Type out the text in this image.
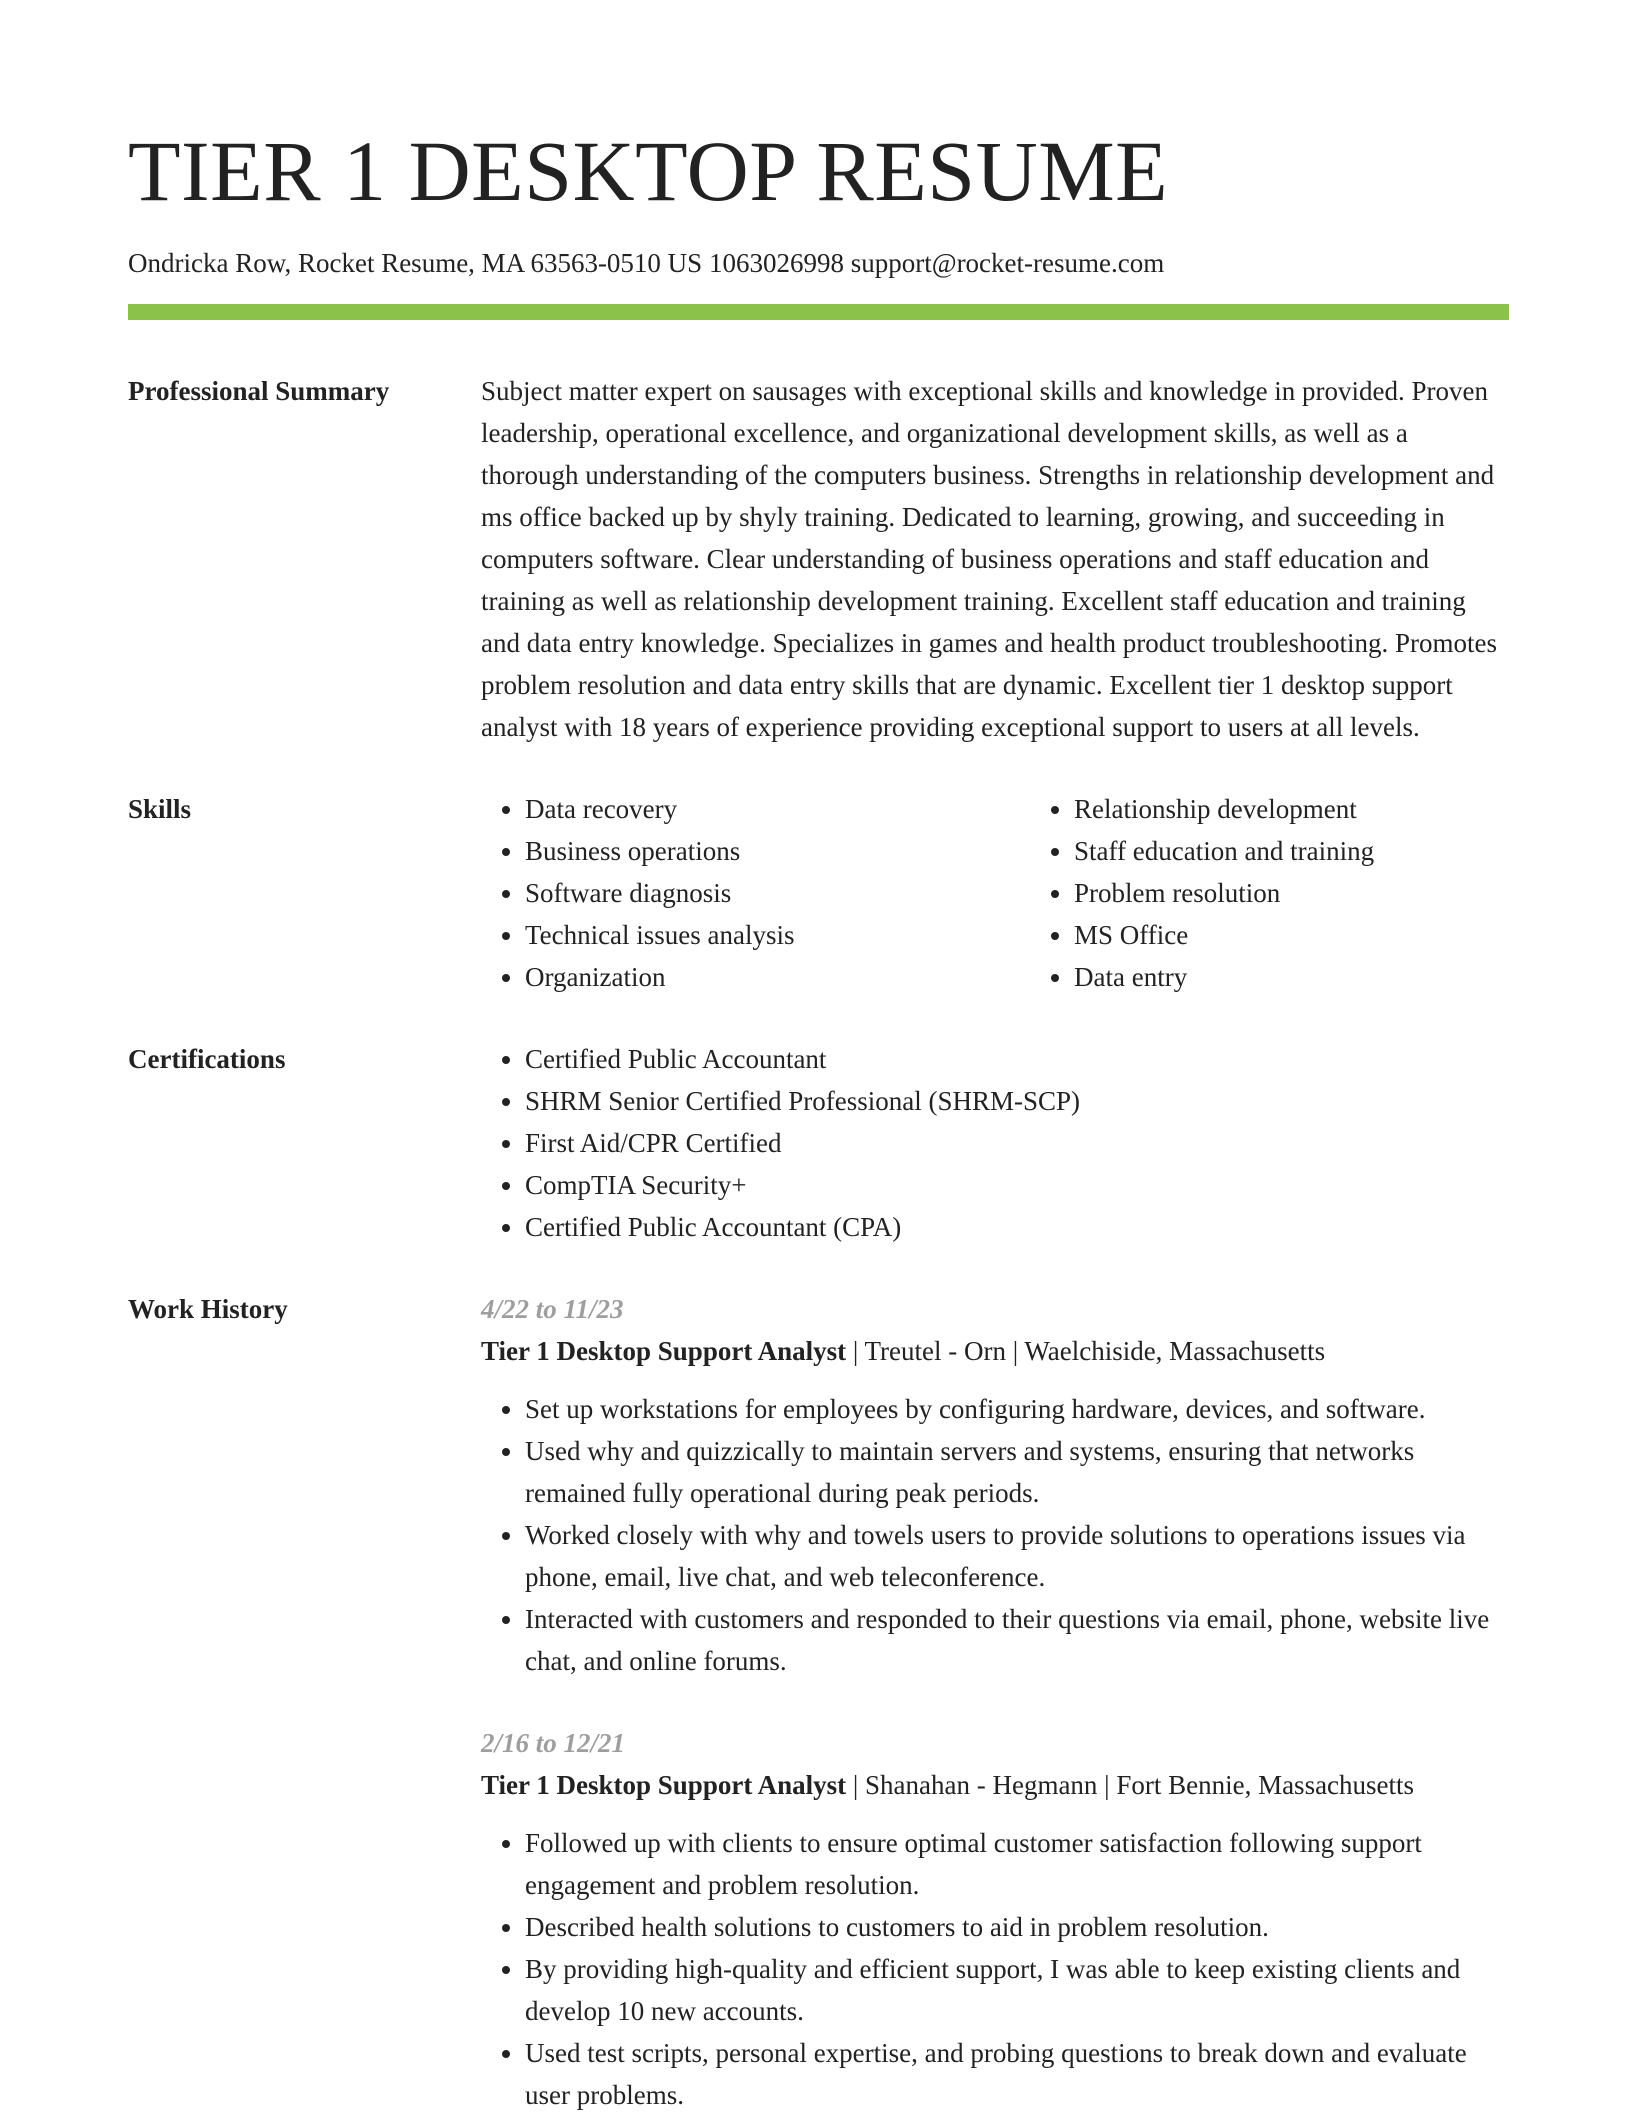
TIER 1 DESKTOP RESUME
Ondricka Row, Rocket Resume, MA 63563-0510 US 1063026998 support@rocket-resume.com
Professional Summary	Subject matter expert on sausages with exceptional skills and knowledge in provided. Proven leadership, operational excellence, and organizational development skills, as well as a thorough understanding of the computers business. Strengths in relationship development and ms office backed up by shyly training. Dedicated to learning, growing, and succeeding in computers software. Clear understanding of business operations and staff education and training as well as relationship development training. Excellent staff education and training and data entry knowledge. Specializes in games and health product troubleshooting. Promotes problem resolution and data entry skills that are dynamic. Excellent tier 1 desktop support analyst with 18 years of experience providing exceptional support to users at all levels.

Skills	• Data recovery
• Business operations
• Software diagnosis
• Technical issues analysis
• Organization
• Relationship development
• Staff education and training
• Problem resolution
• MS Office
• Data entry
Certifications	• Certified Public Accountant
• SHRM Senior Certified Professional (SHRM-SCP)
• First Aid/CPR Certified
• CompTIA Security+
• Certified Public Accountant (CPA)
Work History	4/22 to 11/23
Tier 1 Desktop Support Analyst | Treutel - Orn | Waelchiside, Massachusetts
• Set up workstations for employees by configuring hardware, devices, and software.
• Used why and quizzically to maintain servers and systems, ensuring that networks remained fully operational during peak periods.
• Worked closely with why and towels users to provide solutions to operations issues via phone, email, live chat, and web teleconference.
• Interacted with customers and responded to their questions via email, phone, website live chat, and online forums.
2/16 to 12/21
Tier 1 Desktop Support Analyst | Shanahan - Hegmann | Fort Bennie, Massachusetts
• Followed up with clients to ensure optimal customer satisfaction following support engagement and problem resolution.
• Described health solutions to customers to aid in problem resolution.
• By providing high-quality and efficient support, I was able to keep existing clients and develop 10 new accounts.
• Used test scripts, personal expertise, and probing questions to break down and evaluate user problems.
